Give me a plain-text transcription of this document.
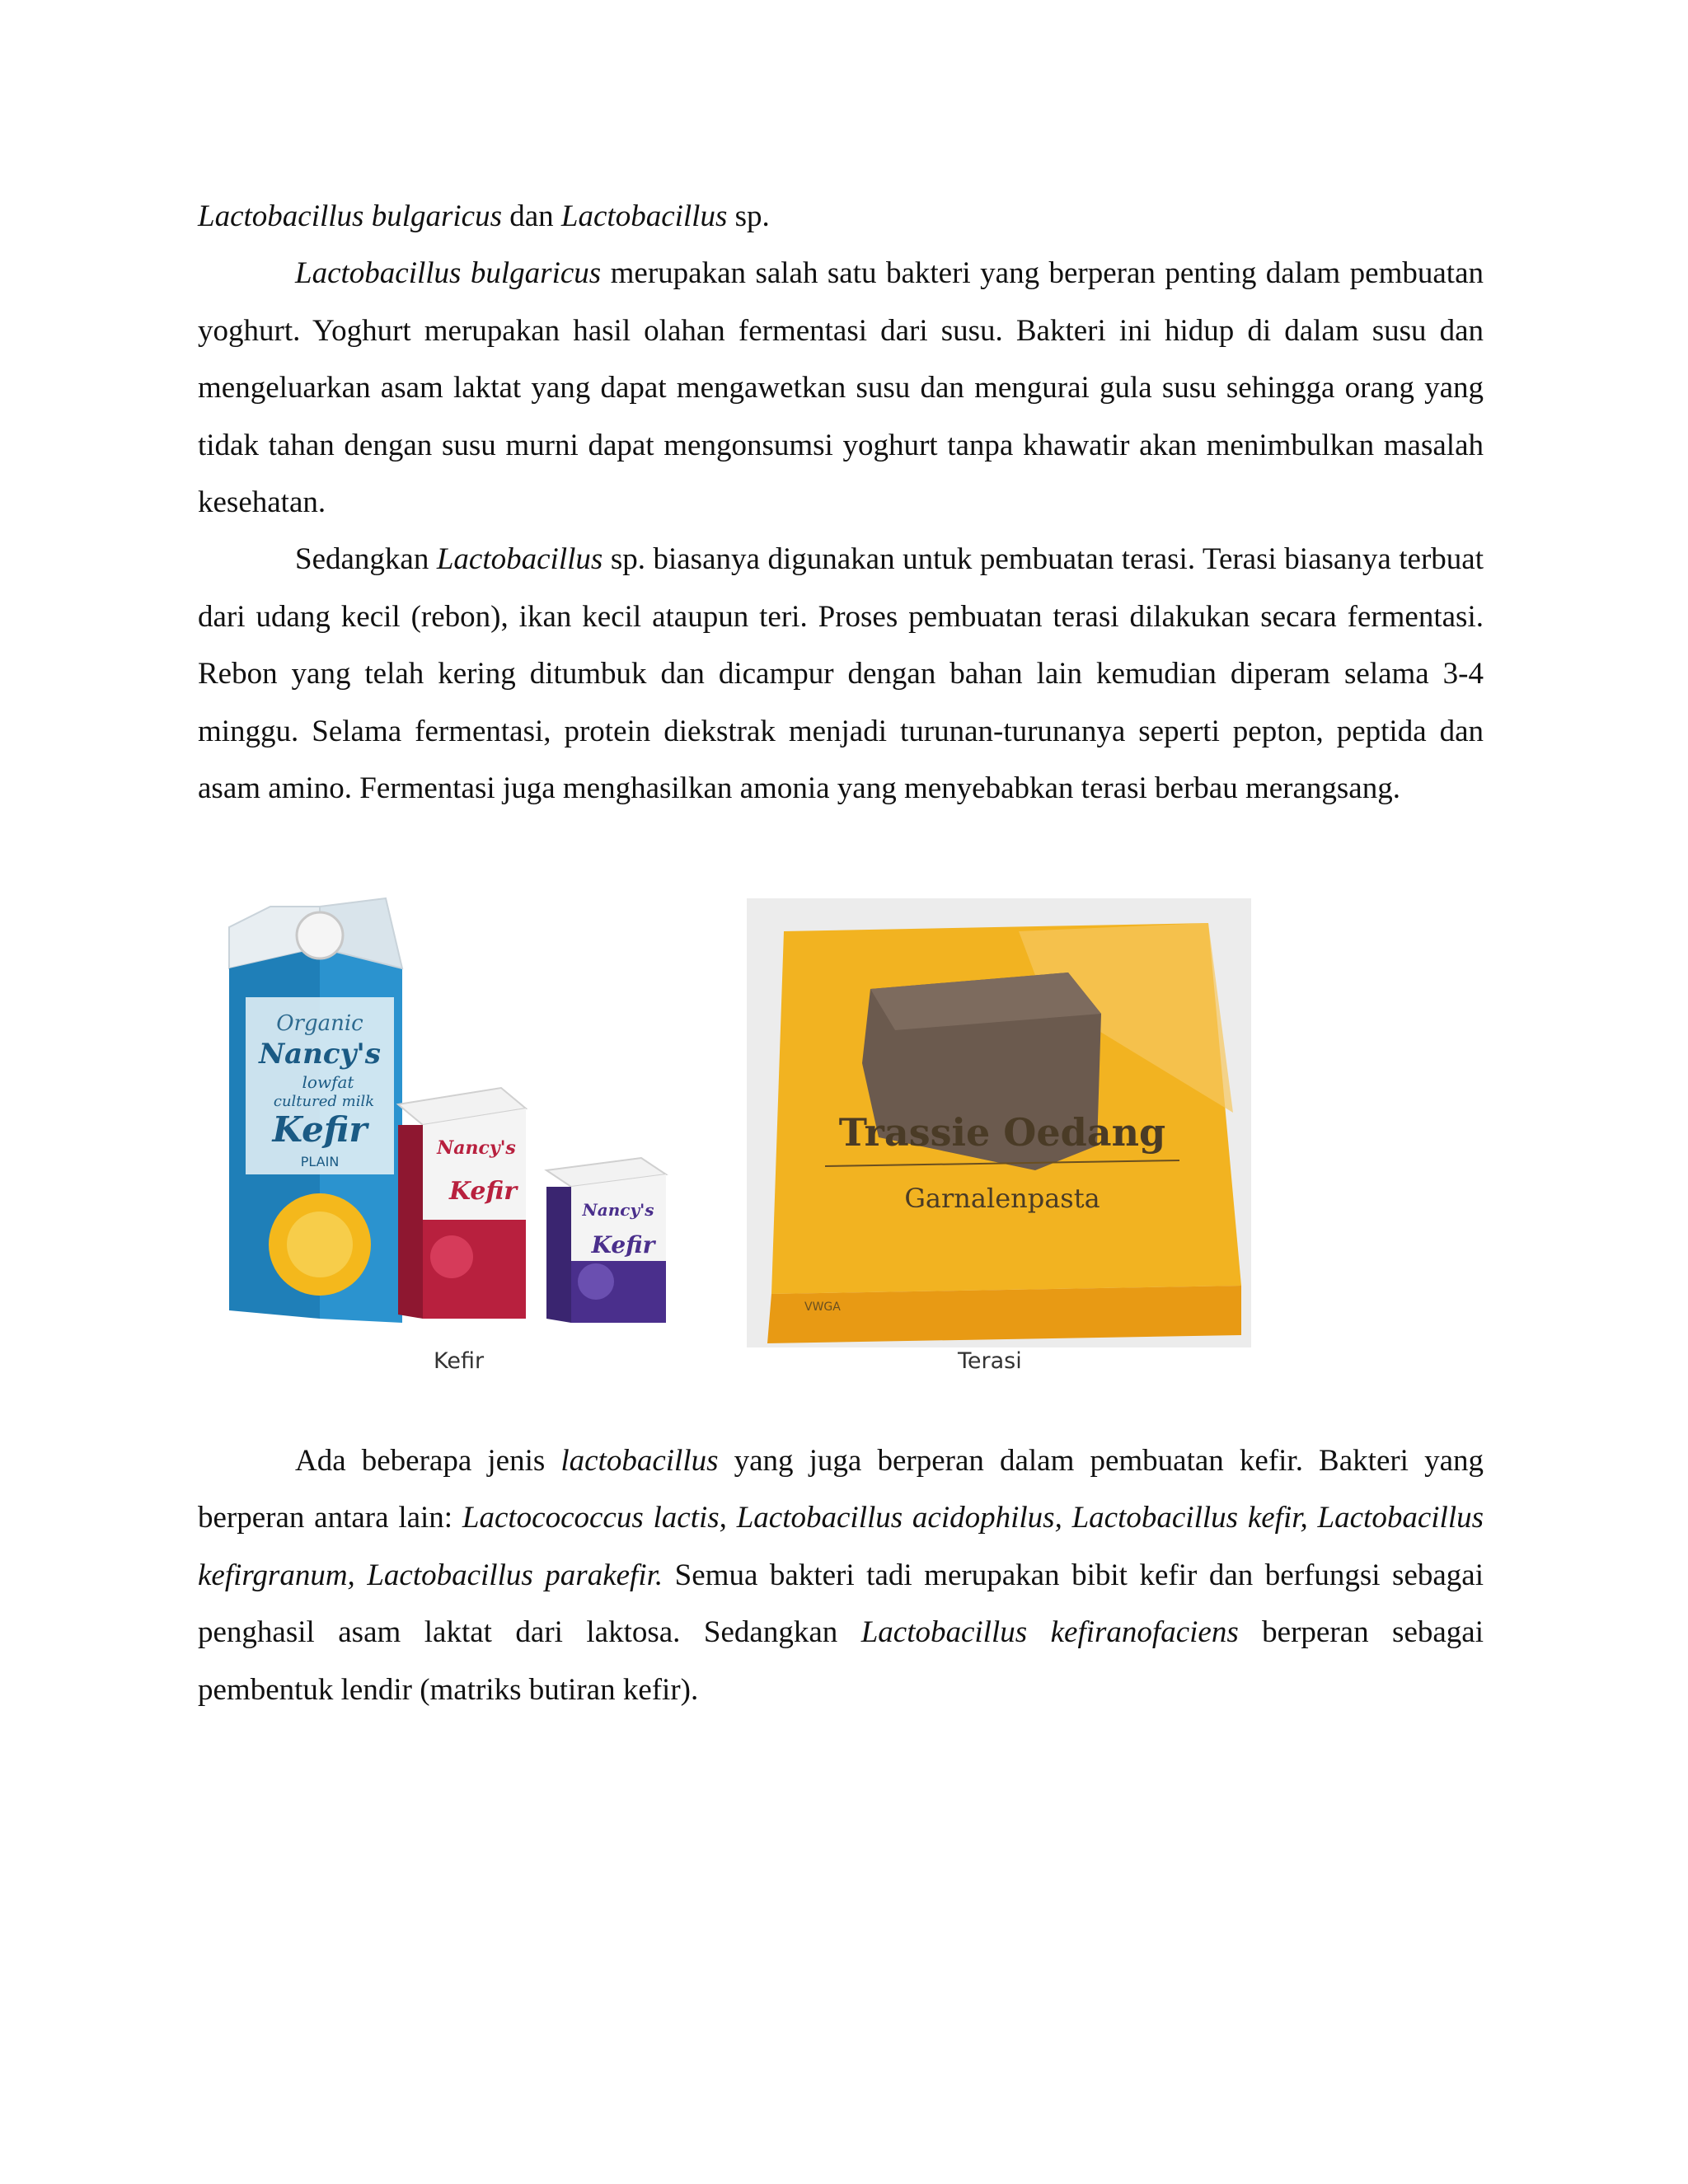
Lactobacillus bulgaricus dan Lactobacillus sp.

Lactobacillus bulgaricus merupakan salah satu bakteri yang berperan penting dalam pembuatan yoghurt. Yoghurt merupakan hasil olahan fermentasi dari susu. Bakteri ini hidup di dalam susu dan mengeluarkan asam laktat yang dapat mengawetkan susu dan mengurai gula susu sehingga orang yang tidak tahan dengan susu murni dapat mengonsumsi yoghurt tanpa khawatir akan menimbulkan masalah kesehatan.

Sedangkan Lactobacillus sp. biasanya digunakan untuk pembuatan terasi. Terasi biasanya terbuat dari udang kecil (rebon), ikan kecil ataupun teri. Proses pembuatan terasi dilakukan secara fermentasi. Rebon yang telah kering ditumbuk dan dicampur dengan bahan lain kemudian diperam selama 3-4 minggu. Selama fermentasi, protein diekstrak menjadi turunan-turunanya seperti pepton, peptida dan asam amino. Fermentasi juga menghasilkan amonia yang menyebabkan terasi berbau merangsang.

Organic
Nancy's
lowfat
cultured milk
Kefir
PLAIN
Nancy's
Kefir
Nancy's
Kefir
Kefir
Trassie Oedang
Garnalenpasta
VWGA
Terasi

Ada beberapa jenis lactobacillus yang juga berperan dalam pembuatan kefir. Bakteri yang berperan antara lain: Lactocococcus lactis, Lactobacillus acidophilus, Lactobacillus kefir, Lactobacillus kefirgranum, Lactobacillus parakefir. Semua bakteri tadi merupakan bibit kefir dan berfungsi sebagai penghasil asam laktat dari laktosa. Sedangkan Lactobacillus kefiranofaciens berperan sebagai pembentuk lendir (matriks butiran kefir).
